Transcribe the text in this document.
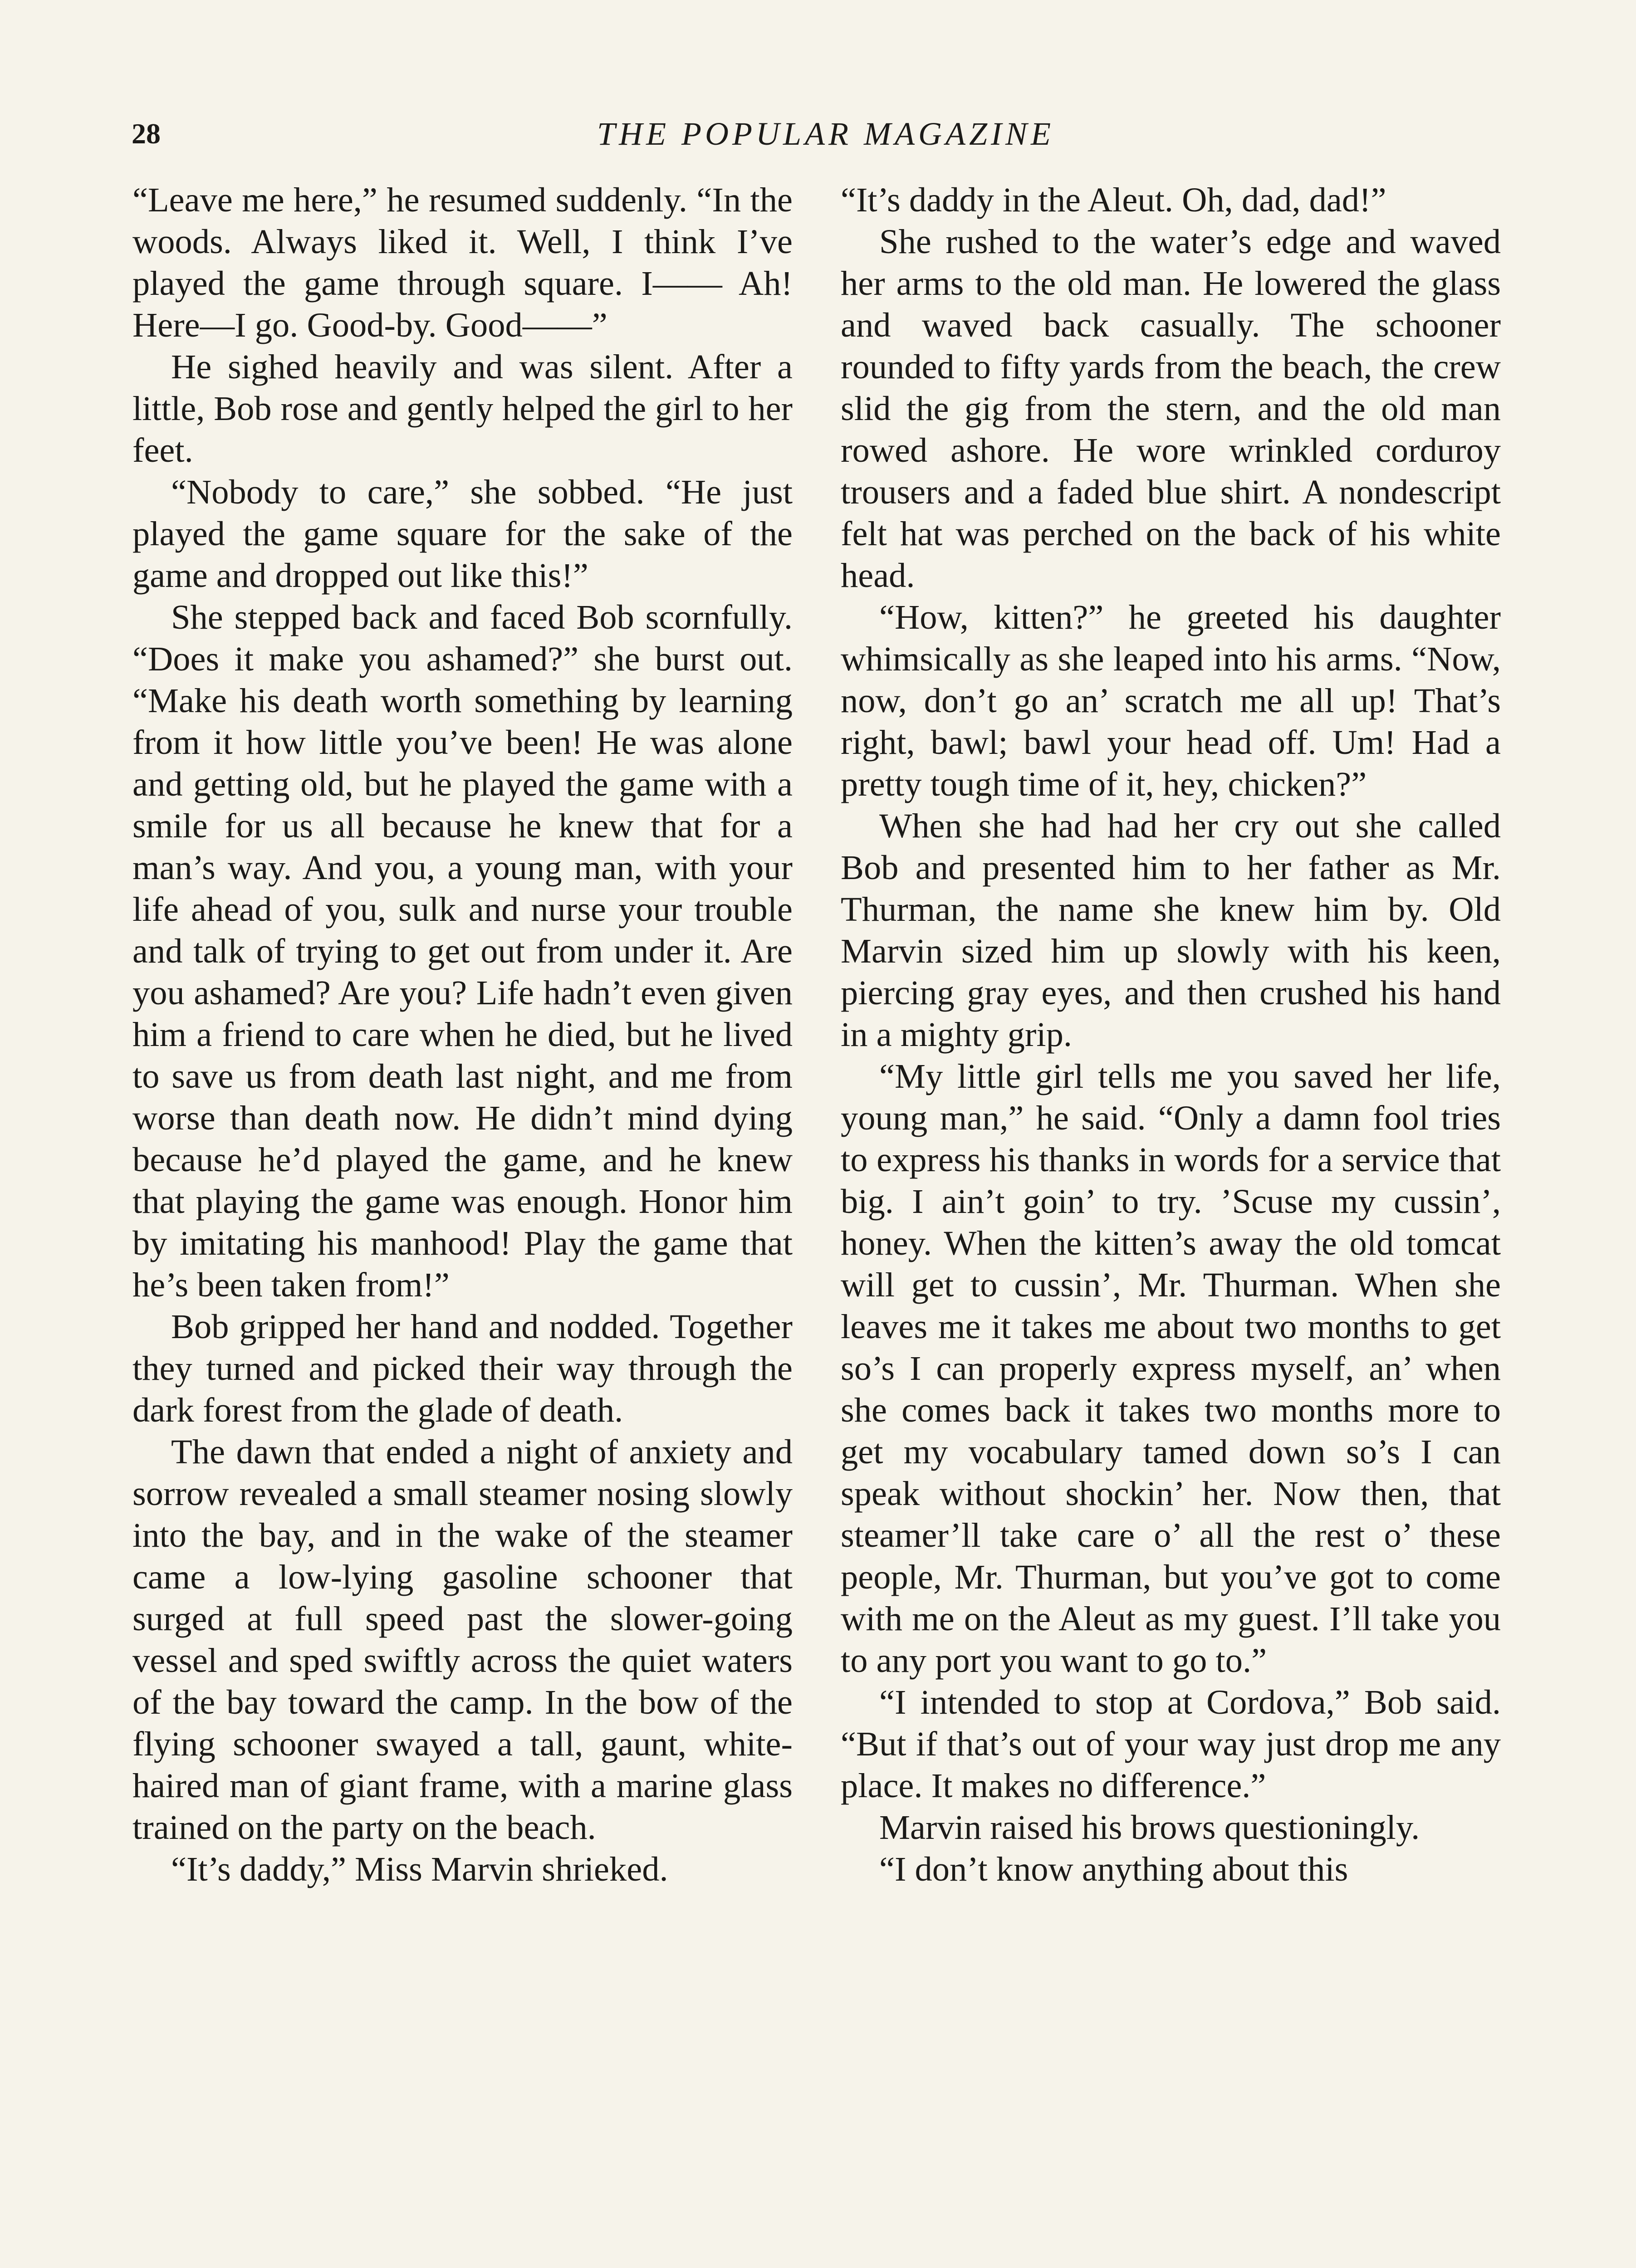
28	THE POPULAR MAGAZINE

“Leave me here,” he resumed suddenly. “In the woods. Always liked it. Well, I think I’ve played the game through square. I—— Ah! Here—I go. Good-by. Good——”

He sighed heavily and was silent. After a little, Bob rose and gently helped the girl to her feet.

“Nobody to care,” she sobbed. “He just played the game square for the sake of the game and dropped out like this!”

She stepped back and faced Bob scornfully. “Does it make you ashamed?” she burst out. “Make his death worth something by learning from it how little you’ve been! He was alone and getting old, but he played the game with a smile for us all because he knew that for a man’s way. And you, a young man, with your life ahead of you, sulk and nurse your trouble and talk of trying to get out from under it. Are you ashamed? Are you? Life hadn’t even given him a friend to care when he died, but he lived to save us from death last night, and me from worse than death now. He didn’t mind dying because he’d played the game, and he knew that playing the game was enough. Honor him by imitating his manhood! Play the game that he’s been taken from!”

Bob gripped her hand and nodded. Together they turned and picked their way through the dark forest from the glade of death.

The dawn that ended a night of anxiety and sorrow revealed a small steamer nosing slowly into the bay, and in the wake of the steamer came a low-lying gasoline schooner that surged at full speed past the slower-going vessel and sped swiftly across the quiet waters of the bay toward the camp. In the bow of the flying schooner swayed a tall, gaunt, white-haired man of giant frame, with a marine glass trained on the party on the beach.

“It’s daddy,” Miss Marvin shrieked.

“It’s daddy in the Aleut. Oh, dad, dad!”

She rushed to the water’s edge and waved her arms to the old man. He lowered the glass and waved back casually. The schooner rounded to fifty yards from the beach, the crew slid the gig from the stern, and the old man rowed ashore. He wore wrinkled corduroy trousers and a faded blue shirt. A nondescript felt hat was perched on the back of his white head.

“How, kitten?” he greeted his daughter whimsically as she leaped into his arms. “Now, now, don’t go an’ scratch me all up! That’s right, bawl; bawl your head off. Um! Had a pretty tough time of it, hey, chicken?”

When she had had her cry out she called Bob and presented him to her father as Mr. Thurman, the name she knew him by. Old Marvin sized him up slowly with his keen, piercing gray eyes, and then crushed his hand in a mighty grip.

“My little girl tells me you saved her life, young man,” he said. “Only a damn fool tries to express his thanks in words for a service that big. I ain’t goin’ to try. ’Scuse my cussin’, honey. When the kitten’s away the old tomcat will get to cussin’, Mr. Thurman. When she leaves me it takes me about two months to get so’s I can properly express myself, an’ when she comes back it takes two months more to get my vocabulary tamed down so’s I can speak without shockin’ her. Now then, that steamer’ll take care o’ all the rest o’ these people, Mr. Thurman, but you’ve got to come with me on the Aleut as my guest. I’ll take you to any port you want to go to.”

“I intended to stop at Cordova,” Bob said. “But if that’s out of your way just drop me any place. It makes no difference.”

Marvin raised his brows questioningly.

“I don’t know anything about this
